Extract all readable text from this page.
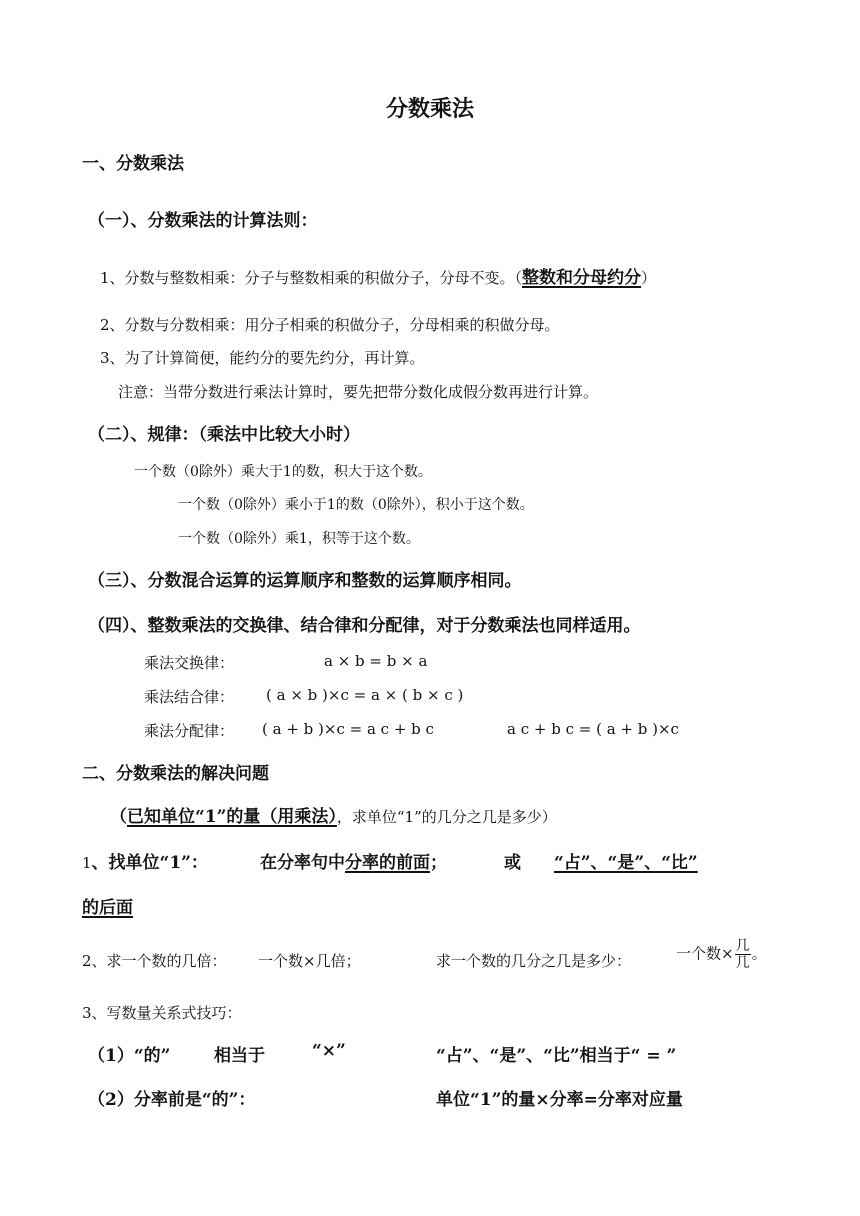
分数乘法
一、分数乘法
（一）、分数乘法的计算法则：
1、分数与整数相乘：分子与整数相乘的积做分子，分母不变。（整数和分母约分）
2、分数与分数相乘：用分子相乘的积做分子，分母相乘的积做分母。
3、为了计算简便，能约分的要先约分，再计算。
注意：当带分数进行乘法计算时，要先把带分数化成假分数再进行计算。
（二）、规律：（乘法中比较大小时）
一个数（0除外）乘大于1的数，积大于这个数。
一个数（0除外）乘小于1的数（0除外），积小于这个数。
一个数（0除外）乘1，积等于这个数。
（三）、分数混合运算的运算顺序和整数的运算顺序相同。
（四）、整数乘法的交换律、结合律和分配律，对于分数乘法也同样适用。
乘法交换律：	a × b = b × a
乘法结合律： ( a × b )×c = a × ( b × c )
乘法分配律： ( a + b )×c = a c + b c	a c + b c = ( a + b )×c
二、分数乘法的解决问题
（已知单位“1”的量（用乘法），求单位“1”的几分之几是多少）
1、找单位“1”：	在分率句中分率的前面；	或 “占”、“是”、“比”
的后面
2、求一个数的几倍： 一个数×几倍；	求一个数的几分之几是多少：	一个数× $\frac{\text{几}}{\text{几}}$ 。
3、写数量关系式技巧：
（1）“的”	相当于	“×”	“占”、“是”、“比”相当于“ = ”
（2）分率前是“的”：	单位“1”的量×分率=分率对应量
